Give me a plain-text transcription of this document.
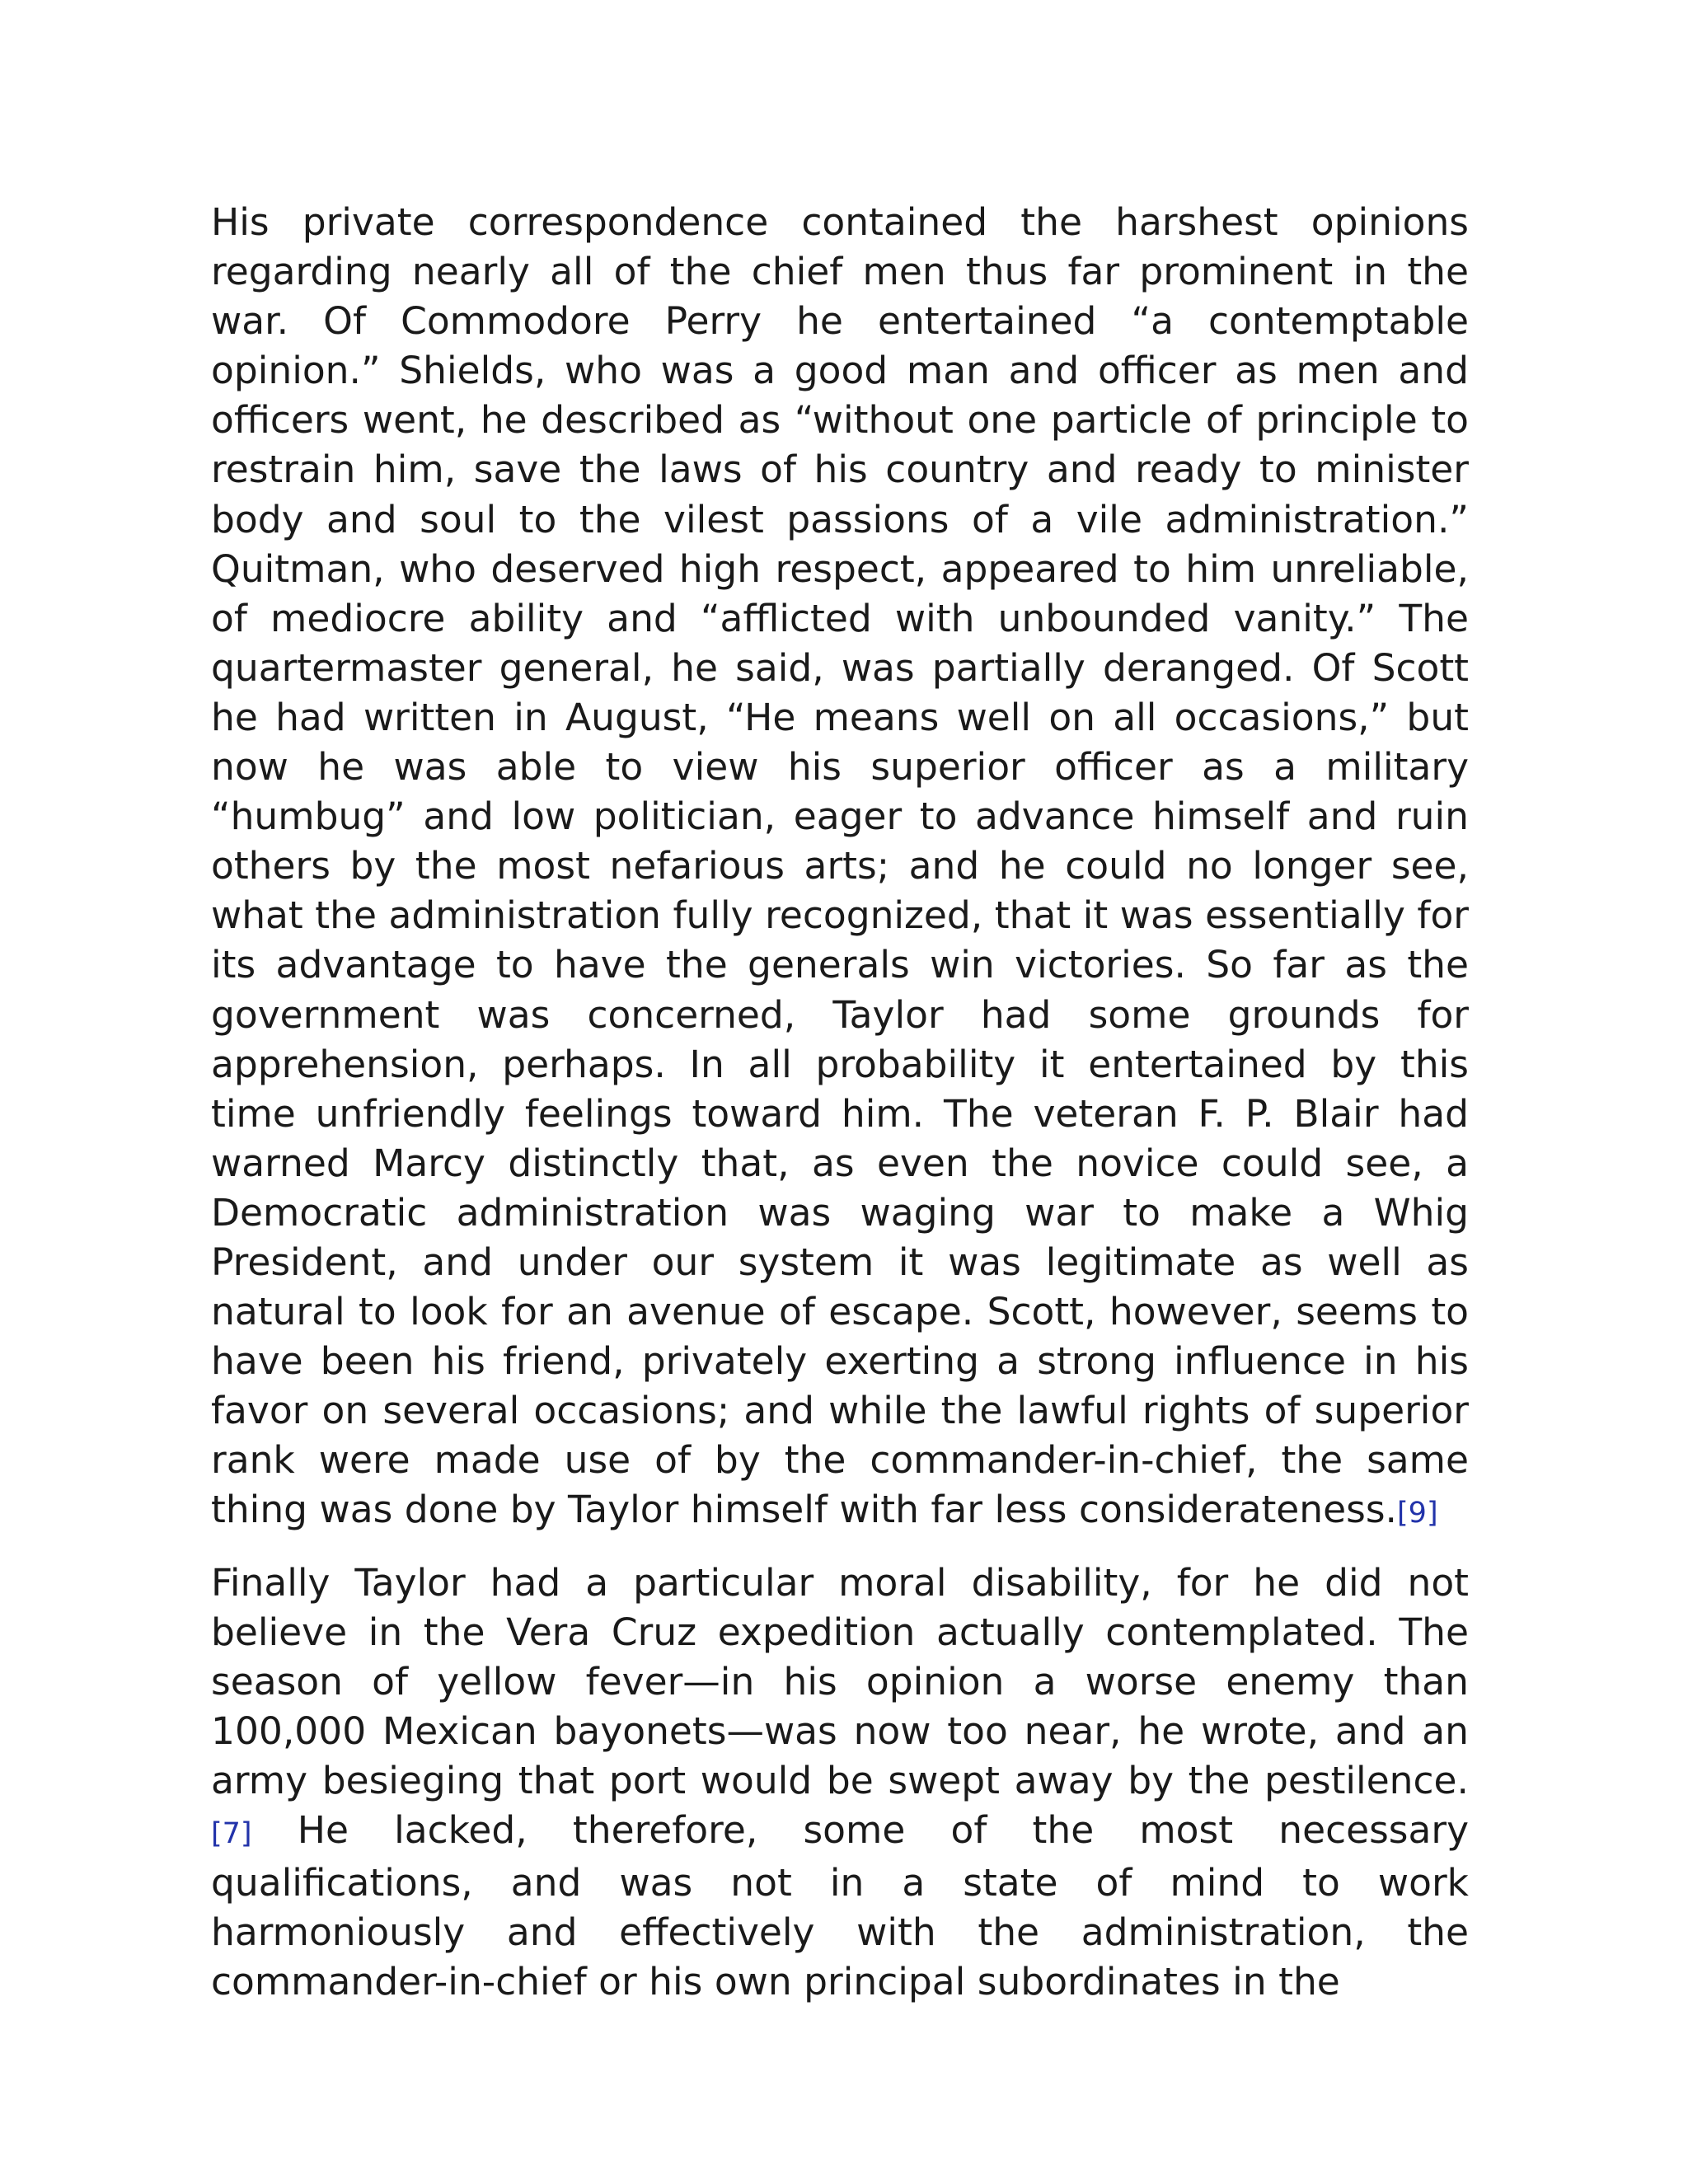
His private correspondence contained the harshest opinions regarding nearly all of the chief men thus far prominent in the war. Of Commodore Perry he entertained “a contemptable opinion.” Shields, who was a good man and officer as men and officers went, he described as “without one particle of principle to restrain him, save the laws of his country and ready to minister body and soul to the vilest passions of a vile administration.” Quitman, who deserved high respect, appeared to him unreliable, of mediocre ability and “afflicted with unbounded vanity.” The quartermaster general, he said, was partially deranged. Of Scott he had written in August, “He means well on all occasions,” but now he was able to view his superior officer as a military “humbug” and low politician, eager to advance himself and ruin others by the most nefarious arts; and he could no longer see, what the administration fully recognized, that it was essentially for its advantage to have the generals win victories. So far as the government was concerned, Taylor had some grounds for apprehension, perhaps. In all probability it entertained by this time unfriendly feelings toward him. The veteran F. P. Blair had warned Marcy distinctly that, as even the novice could see, a Democratic administration was waging war to make a Whig President, and under our system it was legitimate as well as natural to look for an avenue of escape. Scott, however, seems to have been his friend, privately exerting a strong influence in his favor on several occasions; and while the lawful rights of superior rank were made use of by the commander-in-chief, the same thing was done by Taylor himself with far less considerateness.[9]

Finally Taylor had a particular moral disability, for he did not believe in the Vera Cruz expedition actually contemplated. The season of yellow fever—in his opinion a worse enemy than 100,000 Mexican bayonets—was now too near, he wrote, and an army besieging that port would be swept away by the pestilence.[7] He lacked, therefore, some of the most necessary qualifications, and was not in a state of mind to work harmoniously and effectively with the administration, the commander-in-chief or his own principal subordinates in the
